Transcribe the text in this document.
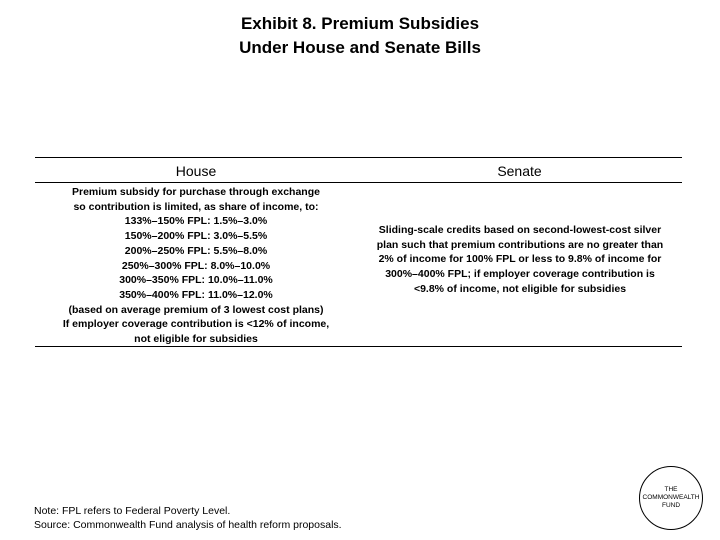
Exhibit 8. Premium Subsidies
Under House and Senate Bills
House	Senate
Premium subsidy for purchase through exchange
so contribution is limited, as share of income, to:
133%–150% FPL: 1.5%–3.0%
150%–200% FPL: 3.0%–5.5%
200%–250% FPL: 5.5%–8.0%
250%–300% FPL: 8.0%–10.0%
300%–350% FPL: 10.0%–11.0%
350%–400% FPL: 11.0%–12.0%
(based on average premium of 3 lowest cost plans)
If employer coverage contribution is <12% of income,
not eligible for subsidies
Sliding-scale credits based on second-lowest-cost silver plan such that premium contributions are no greater than 2% of income for 100% FPL or less to 9.8% of income for 300%–400% FPL; if employer coverage contribution is <9.8% of income, not eligible for subsidies
Note: FPL refers to Federal Poverty Level.
Source: Commonwealth Fund analysis of health reform proposals.
THE
COMMONWEALTH
FUND
